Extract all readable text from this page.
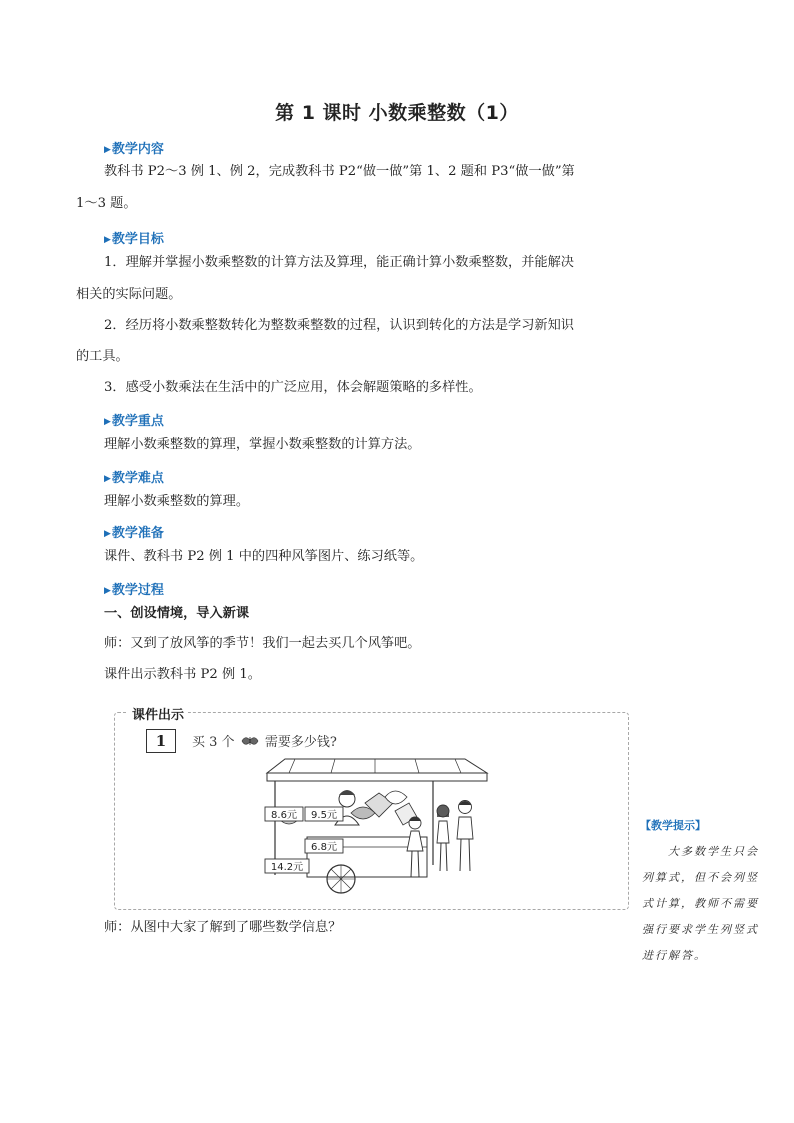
第 1 课时 小数乘整数（1）
▶教学内容
教科书 P2～3 例 1、例 2，完成教科书 P2“做一做”第 1、2 题和 P3“做一做”第
1～3 题。
▶教学目标
1．理解并掌握小数乘整数的计算方法及算理，能正确计算小数乘整数，并能解决
相关的实际问题。
2．经历将小数乘整数转化为整数乘整数的过程，认识到转化的方法是学习新知识
的工具。
3．感受小数乘法在生活中的广泛应用，体会解题策略的多样性。
▶教学重点
理解小数乘整数的算理，掌握小数乘整数的计算方法。
▶教学难点
理解小数乘整数的算理。
▶教学准备
课件、教科书 P2 例 1 中的四种风筝图片、练习纸等。
▶教学过程
一、创设情境，导入新课
师：又到了放风筝的季节！我们一起去买几个风筝吧。
课件出示教科书 P2 例 1。
课件出示
1	买 3 个 需要多少钱?
8.6元 9.5元
6.8元
14.2元
师：从图中大家了解到了哪些数学信息？
【教学提示】
大多数学生只会
列算式，但不会列竖
式计算，教师不需要
强行要求学生列竖式
进行解答。
